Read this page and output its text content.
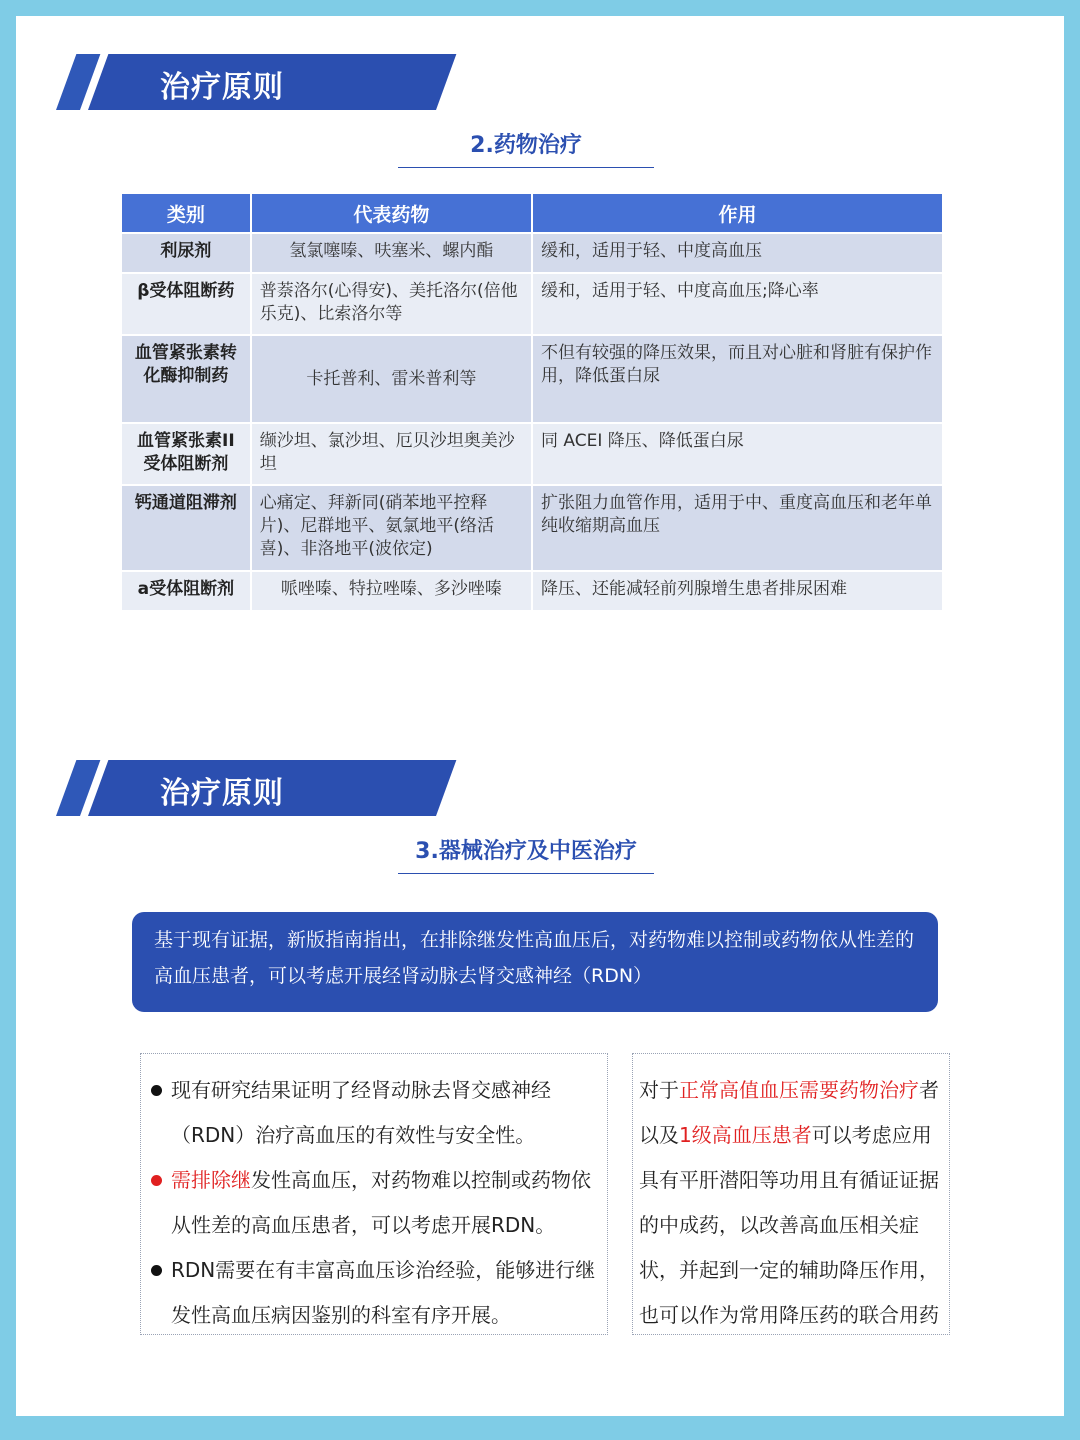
治疗原则
2.药物治疗
类别	代表药物	作用
利尿剂	氢氯噻嗪、呋塞米、螺内酯	缓和，适用于轻、中度高血压
β受体阻断药	普萘洛尔(心得安)、美托洛尔(倍他乐克)、比索洛尔等	缓和，适用于轻、中度高血压;降心率
血管紧张素转化酶抑制药	卡托普利、雷米普利等	不但有较强的降压效果，而且对心脏和肾脏有保护作用，降低蛋白尿
血管紧张素II受体阻断剂	缬沙坦、氯沙坦、厄贝沙坦奥美沙坦	同 ACEI 降压、降低蛋白尿
钙通道阻滞剂	心痛定、拜新同(硝苯地平控释片)、尼群地平、氨氯地平(络活喜)、非洛地平(波依定)	扩张阻力血管作用，适用于中、重度高血压和老年单纯收缩期高血压
a受体阻断剂	哌唑嗪、特拉唑嗪、多沙唑嗪	降压、还能减轻前列腺增生患者排尿困难
治疗原则
3.器械治疗及中医治疗
基于现有证据，新版指南指出，在排除继发性高血压后，对药物难以控制或药物依从性差的高血压患者，可以考虑开展经肾动脉去肾交感神经（RDN）
现有研究结果证明了经肾动脉去肾交感神经（RDN）治疗高血压的有效性与安全性。
需排除继发性高血压，对药物难以控制或药物依从性差的高血压患者，可以考虑开展RDN。
RDN需要在有丰富高血压诊治经验，能够进行继发性高血压病因鉴别的科室有序开展。
对于正常高值血压需要药物治疗者以及1级高血压患者可以考虑应用具有平肝潜阳等功用且有循证证据的中成药，以改善高血压相关症状，并起到一定的辅助降压作用，也可以作为常用降压药的联合用药
